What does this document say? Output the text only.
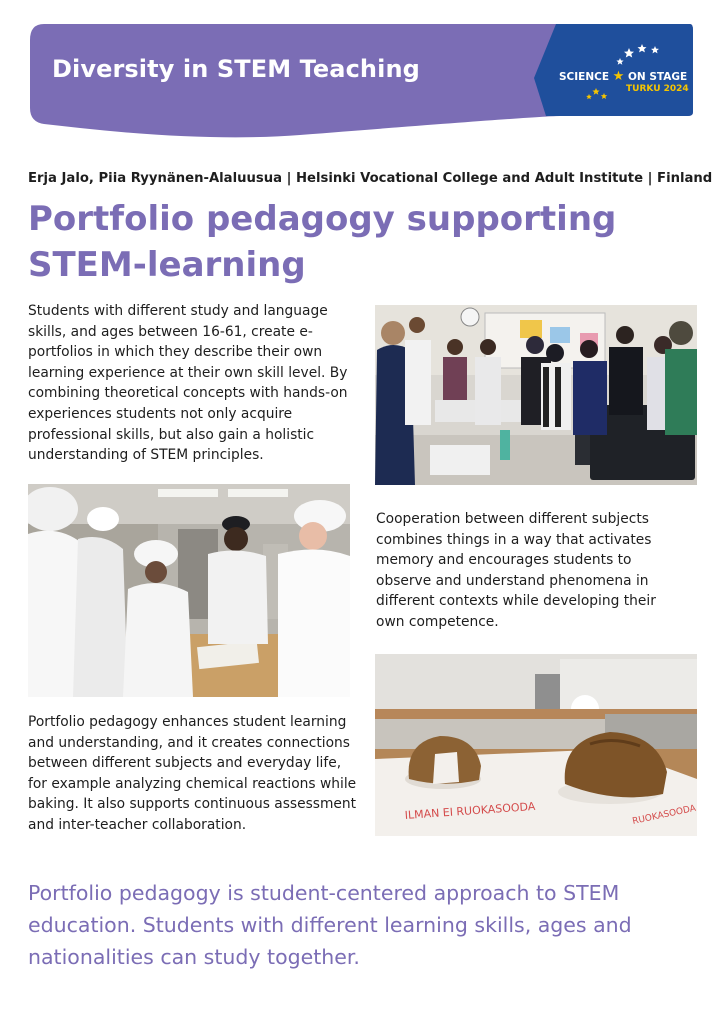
Diversity in STEM Teaching	SCIENCE ★ ON STAGE
TURKU 2024

Erja Jalo, Piia Ryynänen-Alaluusua | Helsinki Vocational College and Adult Institute | Finland

Portfolio pedagogy supporting
STEM-learning

Students with different study and language skills, and ages between 16-61, create e-portfolios in which they describe their own learning experience at their own skill level. By combining theoretical concepts with hands-on experiences students not only acquire professional skills, but also gain a holistic understanding of STEM principles.

Cooperation between different subjects combines things in a way that activates memory and encourages students to observe and understand phenomena in different contexts while developing their own competence.

ILMAN EI RUOKASOODA	RUOKASOODA

Portfolio pedagogy enhances student learning and understanding, and it creates connections between different subjects and everyday life, for example analyzing chemical reactions while baking. It also supports continuous assessment and inter-teacher collaboration.

Portfolio pedagogy is student-centered approach to STEM education. Students with different learning skills, ages and nationalities can study together.
